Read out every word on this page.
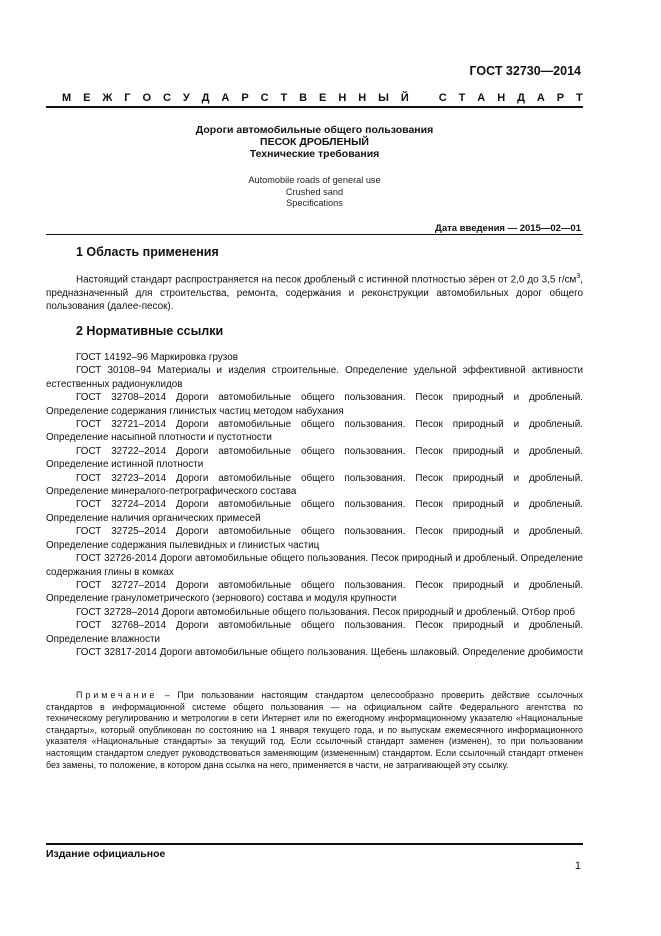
ГОСТ 32730—2014
М Е Ж Г О С У Д А Р С Т В Е Н Н Ы Й
	С Т А Н Д А Р Т
Дороги автомобильные общего пользования
ПЕСОК ДРОБЛЕНЫЙ
Технические требования
Automobile roads of general use
Crushed sand
Specifications
Дата введения — 2015—02—01
1 Область применения

Настоящий стандарт распространяется на песок дробленый с истинной плотностью зёрен от 2,0 до 3,5 $г/см^3$, предназначенный для строительства, ремонта, содержания и реконструкции автомобильных дорог общего пользования (далее-песок).

2 Нормативные ссылки

ГОСТ 14192–96 Маркировка грузов

ГОСТ 30108–94 Материалы и изделия строительные. Определение удельной эффективной активности естественных радионуклидов

ГОСТ 32708–2014 Дороги автомобильные общего пользования. Песок природный и дробленый. Определение содержания глинистых частиц методом набухания

ГОСТ 32721–2014 Дороги автомобильные общего пользования. Песок природный и дробленый. Определение насыпной плотности и пустотности

ГОСТ 32722–2014 Дороги автомобильные общего пользования. Песок природный и дробленый. Определение истинной плотности

ГОСТ 32723–2014 Дороги автомобильные общего пользования. Песок природный и дробленый. Определение минералого-петрографического состава

ГОСТ 32724–2014 Дороги автомобильные общего пользования. Песок природный и дробленый. Определение наличия органических примесей

ГОСТ 32725–2014 Дороги автомобильные общего пользования. Песок природный и дробленый. Определение содержания пылевидных и глинистых частиц

ГОСТ 32726-2014 Дороги автомобильные общего пользования. Песок природный и дробленый. Определение содержания глины в комках

ГОСТ 32727–2014 Дороги автомобильные общего пользования. Песок природный и дробленый. Определение гранулометрического (зернового) состава и модуля крупности

ГОСТ 32728–2014 Дороги автомобильные общего пользования. Песок природный и дробленый. Отбор проб

ГОСТ 32768–2014 Дороги автомобильные общего пользования. Песок природный и дробленый. Определение влажности

ГОСТ 32817-2014 Дороги автомобильные общего пользования. Щебень шлаковый. Определение дробимости

Примечание – При пользовании настоящим стандартом целесообразно проверить действие ссылочных стандартов в информационной системе общего пользования — на официальном сайте Федерального агентства по техническому регулированию и метрологии в сети Интернет или по ежегодному информационному указателю «Национальные стандарты», который опубликован по состоянию на 1 января текущего года, и по выпускам ежемесячного информационного указателя «Национальные стандарты» за текущий год. Если ссылочный стандарт заменен (изменен), то при пользовании настоящим стандартом следует руководствоваться заменяющим (измененным) стандартом. Если ссылочный стандарт отменен без замены, то положение, в котором дана ссылка на него, применяется в части, не затрагивающей эту ссылку.

Издание официальное
1
